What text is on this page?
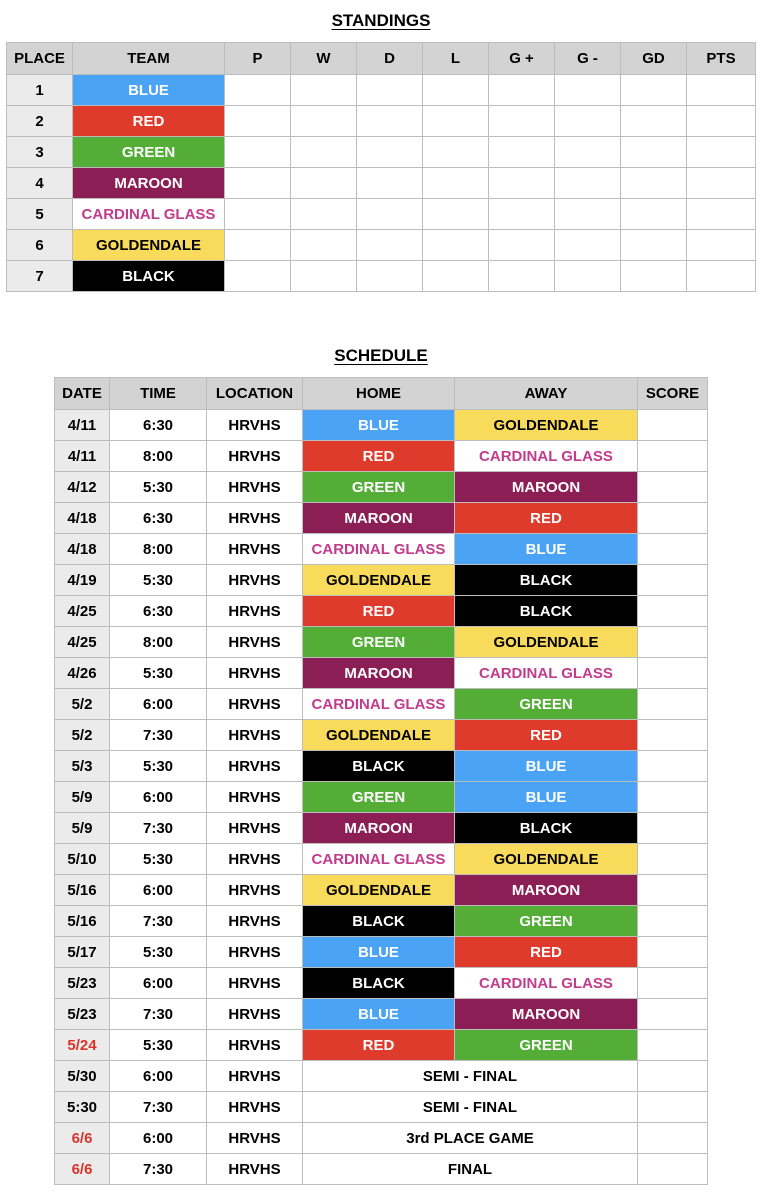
STANDINGS
PLACE	TEAM	P	W	D	L	G +	G -	GD	PTS
1	BLUE								
2	RED								
3	GREEN								
4	MAROON								
5	CARDINAL GLASS								
6	GOLDENDALE								
7	BLACK								
SCHEDULE
DATE	TIME	LOCATION	HOME	AWAY	SCORE
4/11	6:30	HRVHS	BLUE	GOLDENDALE	
4/11	8:00	HRVHS	RED	CARDINAL GLASS	
4/12	5:30	HRVHS	GREEN	MAROON	
4/18	6:30	HRVHS	MAROON	RED	
4/18	8:00	HRVHS	CARDINAL GLASS	BLUE	
4/19	5:30	HRVHS	GOLDENDALE	BLACK	
4/25	6:30	HRVHS	RED	BLACK	
4/25	8:00	HRVHS	GREEN	GOLDENDALE	
4/26	5:30	HRVHS	MAROON	CARDINAL GLASS	
5/2	6:00	HRVHS	CARDINAL GLASS	GREEN	
5/2	7:30	HRVHS	GOLDENDALE	RED	
5/3	5:30	HRVHS	BLACK	BLUE	
5/9	6:00	HRVHS	GREEN	BLUE	
5/9	7:30	HRVHS	MAROON	BLACK	
5/10	5:30	HRVHS	CARDINAL GLASS	GOLDENDALE	
5/16	6:00	HRVHS	GOLDENDALE	MAROON	
5/16	7:30	HRVHS	BLACK	GREEN	
5/17	5:30	HRVHS	BLUE	RED	
5/23	6:00	HRVHS	BLACK	CARDINAL GLASS	
5/23	7:30	HRVHS	BLUE	MAROON	
5/24	5:30	HRVHS	RED	GREEN	
5/30	6:00	HRVHS	SEMI - FINAL		
5:30	7:30	HRVHS	SEMI - FINAL		
6/6	6:00	HRVHS	3rd PLACE GAME		
6/6	7:30	HRVHS	FINAL		
